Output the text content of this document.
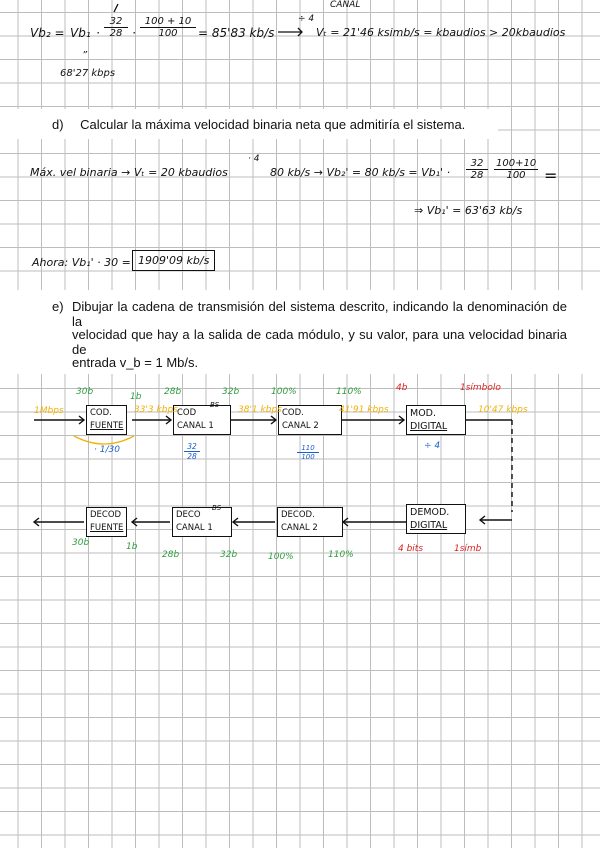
$Vb_2 = Vb_1 \cdot \frac{32}{28} \cdot \frac{100 + 10}{100} = 85'83$ kb/s
÷ 4
CANAL
Vₜ = 21'46 ksimb/s = kbaudios > 20kbaudios
”
68'27 kbps
d)  Calcular la máxima velocidad binaria neta que admitiría el sistema.
Máx. vel binaria → Vₜ = 20 kbaudios
· 4
80 kb/s → Vb₂' = 80 $kb/s = Vb_1' \cdot \frac{32}{28} \frac{100+10}{100}$ =
⇒ Vb₁' = 63'63 kb/s
Ahora: Vb₁' · 30 = 1909'09 kb/s
e) Dibujar la cadena de transmisión del sistema descrito, indicando la denominación de la
velocidad que hay a la salida de cada módulo, y su valor, para una velocidad binaria de
entrada v_b = 1 Mb/s.
COD.
FUENTE
COD
CANAL 1
BS
COD.
CANAL 2
MOD.
DIGITAL
1Mbps
30b	1b	28b	32b	100%	110%	4b	1símbolo
33'3 kbps	38'1 kbps	41'91 kbps	10'47 kbps
· 1/30	$\frac{32}{28}$	$\frac{110}{100}$	÷ 4
DEMOD.
DIGITAL
DECOD.
CANAL 2
DECO
CANAL 1
BS
DECOD
FUENTE
30b	1b
28b	32b	100%	110%
4 bits	1símb
